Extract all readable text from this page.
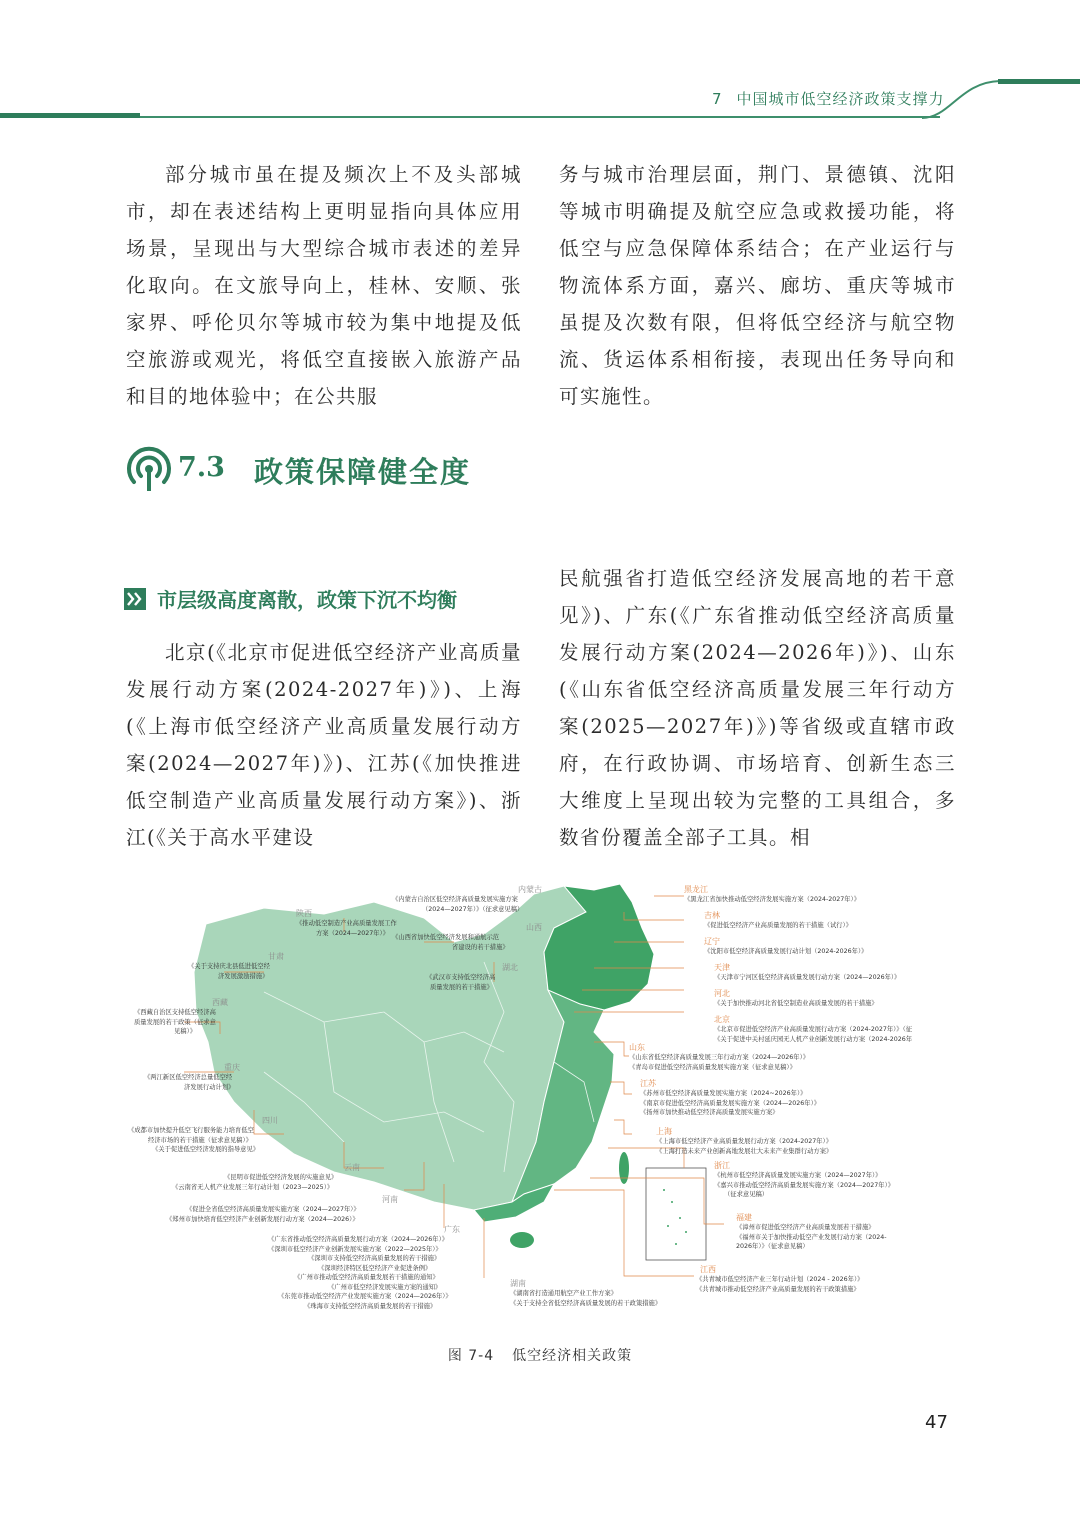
7 中国城市低空经济政策支撑力

部分城市虽在提及频次上不及头部城市，却在表述结构上更明显指向具体应用场景，呈现出与大型综合城市表述的差异化取向。在文旅导向上，桂林、安顺、张家界、呼伦贝尔等城市较为集中地提及低空旅游或观光，将低空直接嵌入旅游产品和目的地体验中；在公共服

务与城市治理层面，荆门、景德镇、沈阳等城市明确提及航空应急或救援功能，将低空与应急保障体系结合；在产业运行与物流体系方面，嘉兴、廊坊、重庆等城市虽提及次数有限，但将低空经济与航空物流、货运体系相衔接，表现出任务导向和可实施性。

7.3 政策保障健全度
市层级高度离散，政策下沉不均衡

北京(《北京市促进低空经济产业高质量发展行动方案(2024-2027年)》)、上海(《上海市低空经济产业高质量发展行动方案(2024—2027年)》)、江苏(《加快推进低空制造产业高质量发展行动方案》)、浙江(《关于高水平建设

民航强省打造低空经济发展高地的若干意见》)、广东(《广东省推动低空经济高质量发展行动方案(2024—2026年)》)、山东(《山东省低空经济高质量发展三年行动方案(2025—2027年)》)等省级或直辖市政府，在行政协调、市场培育、创新生态三大维度上呈现出较为完整的工具组合，多数省份覆盖全部子工具。相

陕西
《推动低空制造产业高质量发展工作
方案（2024—2027年）》
甘肃
《关于支持庆北县低进低空经
济发展激励措施》
西藏
《西藏自治区支持低空经济高
质量发展的若干政策（征求意
见稿）》
重庆
《两江新区低空经济总量低空经
济发展行动计划》
四川
《成都市加快提升低空飞行服务能力培育低空
经济市场的若干措施（征求意见稿）》
《关于促进低空经济发展的指导意见》
云南
《昆明市促进低空经济发展的实施意见》
《云南省无人机产业发展三年行动计划（2023—2025）》
河南
《促进全省低空经济高质量发展实施方案（2024—2027年）》
《郑州市加快培育低空经济产业创新发展行动方案（2024—2026）》
广东
《广东省推动低空经济高质量发展行动方案（2024—2026年）》
《深圳市低空经济产业创新发展实施方案（2022—2025年）》
《深圳市支持低空经济高质量发展的若干措施》
《深圳经济特区低空经济产业促进条例》
《广州市推动低空经济高质量发展若干措施的通知》
《广州市低空经济发展实施方案的通知》
《东莞市推动低空经济产业发展实施方案（2024—2026年）》
《珠海市支持低空经济高质量发展的若干措施》
内蒙古
《内蒙古自治区低空经济高质量发展实施方案
（2024—2027年）》（征求意见稿）
山西
《山西省加快低空经济发展和通航示范
省建设的若干措施》
湖北
《武汉市支持低空经济高
质量发展的若干措施》
湖南
《湖南省打造通用航空产业工作方案》
《关于支持全省低空经济高质量发展的若干政策措施》
黑龙江
《黑龙江省加快推动低空经济发展实施方案（2024-2027年）》
吉林
《促进低空经济产业高质量发展的若干措施（试行）》
辽宁
《沈阳市低空经济高质量发展行动计划（2024-2026年）》
天津
《天津市宁河区低空经济高质量发展行动方案（2024—2026年）》
河北
《关于加快推动河北省低空制造业高质量发展的若干措施》
北京
《北京市促进低空经济产业高质量发展行动方案（2024-2027年）》（征
《关于促进中关村延庆园无人机产业创新发展行动方案（2024-2026年
山东
《山东省低空经济高质量发展三年行动方案（2024—2026年）》
《青岛市促进低空经济高质量发展实施方案（征求意见稿）》
江苏
《苏州市低空经济高质量发展实施方案（2024~2026年）》
《南京市促进低空经济高质量发展实施方案（2024—2026年）》
《扬州市加快推动低空经济高质量发展实施方案》
上海
《上海市低空经济产业高质量发展行动方案（2024-2027年）》
《上海打造未来产业创新高地发展壮大未来产业集群行动方案》
浙江
《杭州市低空经济高质量发展实施方案（2024—2027年）》
《嘉兴市推动低空经济高质量发展实施方案（2024—2027年）》
（征求意见稿）
福建
《漳州市促进低空经济产业高质量发展若干措施》
《福州市关于加快推动低空产业发展行动方案（2024-
2026年）》（征求意见稿）
江西
《共青城市低空经济产业三年行动计划（2024 - 2026年）》
《共青城市推动低空经济产业高质量发展的若干政策措施》
图 7-4 低空经济相关政策
47
